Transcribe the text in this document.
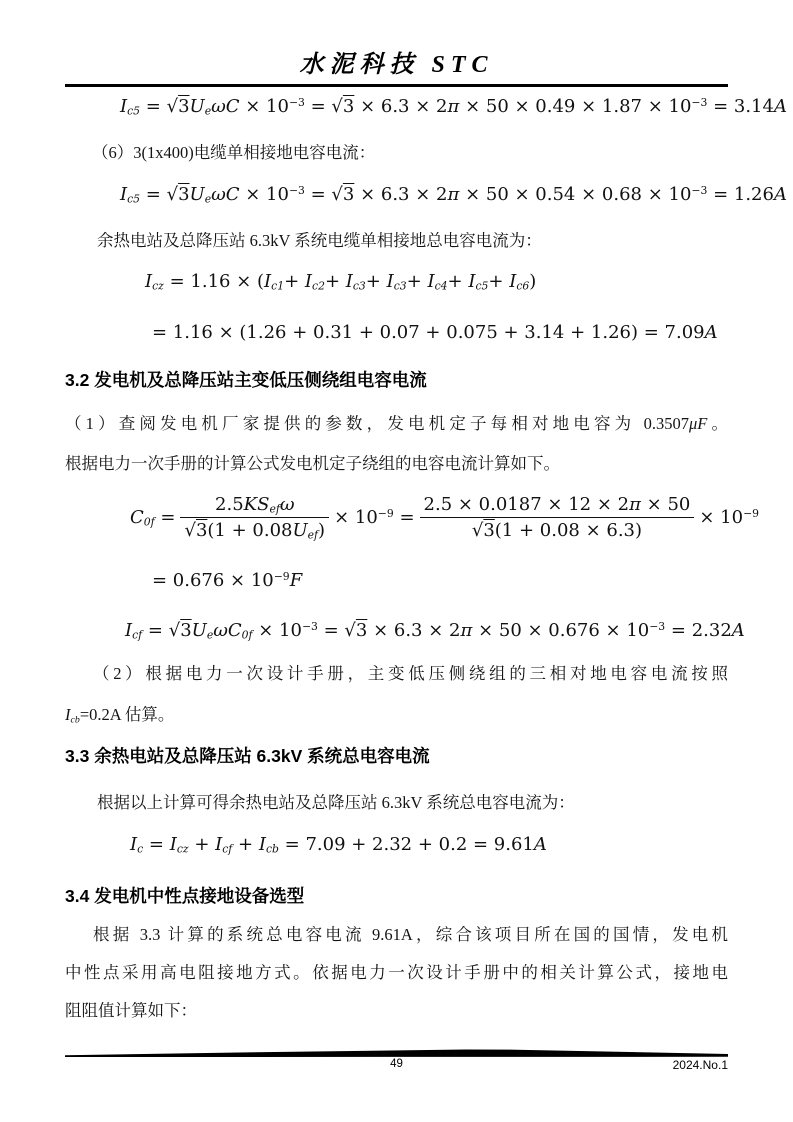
水泥科技 STC
$I_{c5} = √3U_e\omega C \times 10^{-3} = √3 \times 6.3 \times 2\pi \times 50 \times 0.49 \times 1.87 \times 10^{-3} = 3.14A$
（6）3(1x400)电缆单相接地电容电流：
$I_{c5} = √3U_e\omega C \times 10^{-3} = √3 \times 6.3 \times 2\pi \times 50 \times 0.54 \times 0.68 \times 10^{-3} = 1.26A$
余热电站及总降压站 6.3kV 系统电缆单相接地总电容电流为：
$I_{cz} = 1.16 \times (I_{c1}+ I_{c2}+ I_{c3}+ I_{c3}+ I_{c4}+ I_{c5}+ I_{c6})$
= 1.16 × (1.26 + 0.31 + 0.07 + 0.075 + 3.14 + 1.26) = 7.09A
3.2 发电机及总降压站主变低压侧绕组电容电流
（1）查阅发电机厂家提供的参数，发电机定子每相对地电容为 0.3507μF。
根据电力一次手册的计算公式发电机定子绕组的电容电流计算如下。
$C_{0f} = \frac{2.5KS_{ef}\omega}{√3(1 + 0.08U_{ef})} \times 10^{-9} = \frac{2.5 \times 0.0187 \times 12 \times 2\pi \times 50}{√3(1 + 0.08 \times 6.3)} \times 10^{-9}$
= $0.676 \times 10^{-9}F$
$I_{cf} = √3U_e\omega C_{0f} \times 10^{-3} = √3 \times 6.3 \times 2\pi \times 50 \times 0.676 \times 10^{-3} = 2.32A$
（2）根据电力一次设计手册，主变低压侧绕组的三相对地电容电流按照
$I_{cb}=0.2A$ 估算。
3.3 余热电站及总降压站 6.3kV 系统总电容电流
根据以上计算可得余热电站及总降压站 6.3kV 系统总电容电流为：
$I_c = I_{cz} + I_{cf} + I_{cb} = 7.09 + 2.32 + 0.2 = 9.61A$
3.4 发电机中性点接地设备选型
根据 3.3 计算的系统总电容电流 9.61A，综合该项目所在国的国情，发电机
中性点采用高电阻接地方式。依据电力一次设计手册中的相关计算公式，接地电
阻阻值计算如下：
49	2024.No.1
